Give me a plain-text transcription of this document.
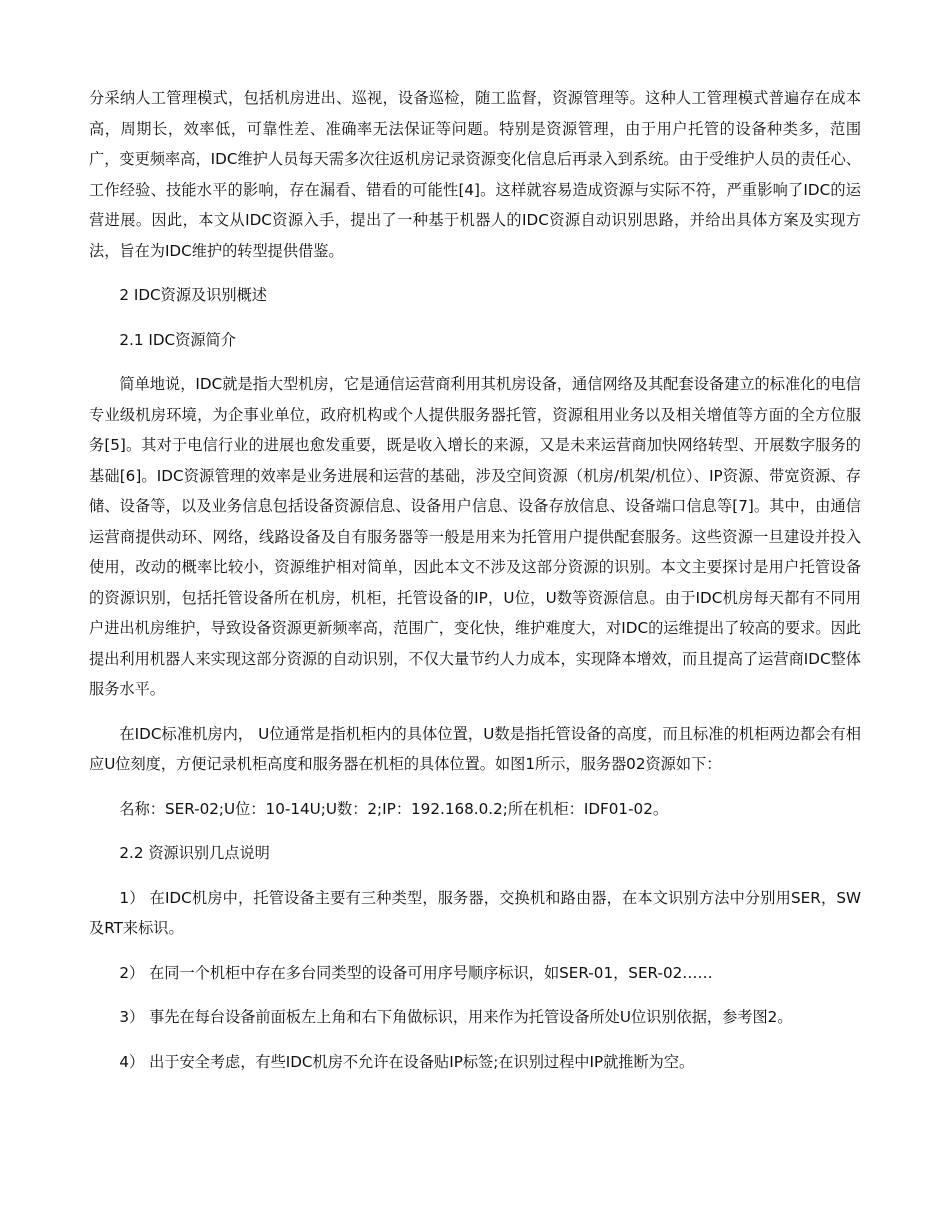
分采纳人工管理模式，包括机房进出、巡视，设备巡检，随工监督，资源管理等。这种人工管理模式普遍存在成本高，周期长，效率低，可靠性差、准确率无法保证等问题。特别是资源管理，由于用户托管的设备种类多，范围广，变更频率高，IDC维护人员每天需多次往返机房记录资源变化信息后再录入到系统。由于受维护人员的责任心、工作经验、技能水平的影响，存在漏看、错看的可能性[4]。这样就容易造成资源与实际不符，严重影响了IDC的运营进展。因此，本文从IDC资源入手，提出了一种基于机器人的IDC资源自动识别思路，并给出具体方案及实现方法，旨在为IDC维护的转型提供借鉴。

2 IDC资源及识别概述

2.1 IDC资源简介

简单地说，IDC就是指大型机房，它是通信运营商利用其机房设备，通信网络及其配套设备建立的标准化的电信专业级机房环境，为企事业单位，政府机构或个人提供服务器托管，资源租用业务以及相关增值等方面的全方位服务[5]。其对于电信行业的进展也愈发重要，既是收入增长的来源，又是未来运营商加快网络转型、开展数字服务的基础[6]。IDC资源管理的效率是业务进展和运营的基础，涉及空间资源（机房/机架/机位）、IP资源、带宽资源、存储、设备等，以及业务信息包括设备资源信息、设备用户信息、设备存放信息、设备端口信息等[7]。其中，由通信运营商提供动环、网络，线路设备及自有服务器等一般是用来为托管用户提供配套服务。这些资源一旦建设并投入使用，改动的概率比较小，资源维护相对简单，因此本文不涉及这部分资源的识别。本文主要探讨是用户托管设备的资源识别，包括托管设备所在机房，机柜，托管设备的IP，U位，U数等资源信息。由于IDC机房每天都有不同用户进出机房维护，导致设备资源更新频率高，范围广，变化快，维护难度大，对IDC的运维提出了较高的要求。因此提出利用机器人来实现这部分资源的自动识别，不仅大量节约人力成本，实现降本增效，而且提高了运营商IDC整体服务水平。

在IDC标准机房内， U位通常是指机柜内的具体位置，U数是指托管设备的高度，而且标准的机柜两边都会有相应U位刻度，方便记录机柜高度和服务器在机柜的具体位置。如图1所示，服务器02资源如下：

名称：SER-02;U位：10-14U;U数：2;IP：192.168.0.2;所在机柜：IDF01-02。

2.2 资源识别几点说明

1） 在IDC机房中，托管设备主要有三种类型，服务器，交换机和路由器，在本文识别方法中分别用SER，SW及RT来标识。

2） 在同一个机柜中存在多台同类型的设备可用序号顺序标识，如SER-01，SER-02……

3） 事先在每台设备前面板左上角和右下角做标识，用来作为托管设备所处U位识别依据，参考图2。

4） 出于安全考虑，有些IDC机房不允许在设备贴IP标签;在识别过程中IP就推断为空。
